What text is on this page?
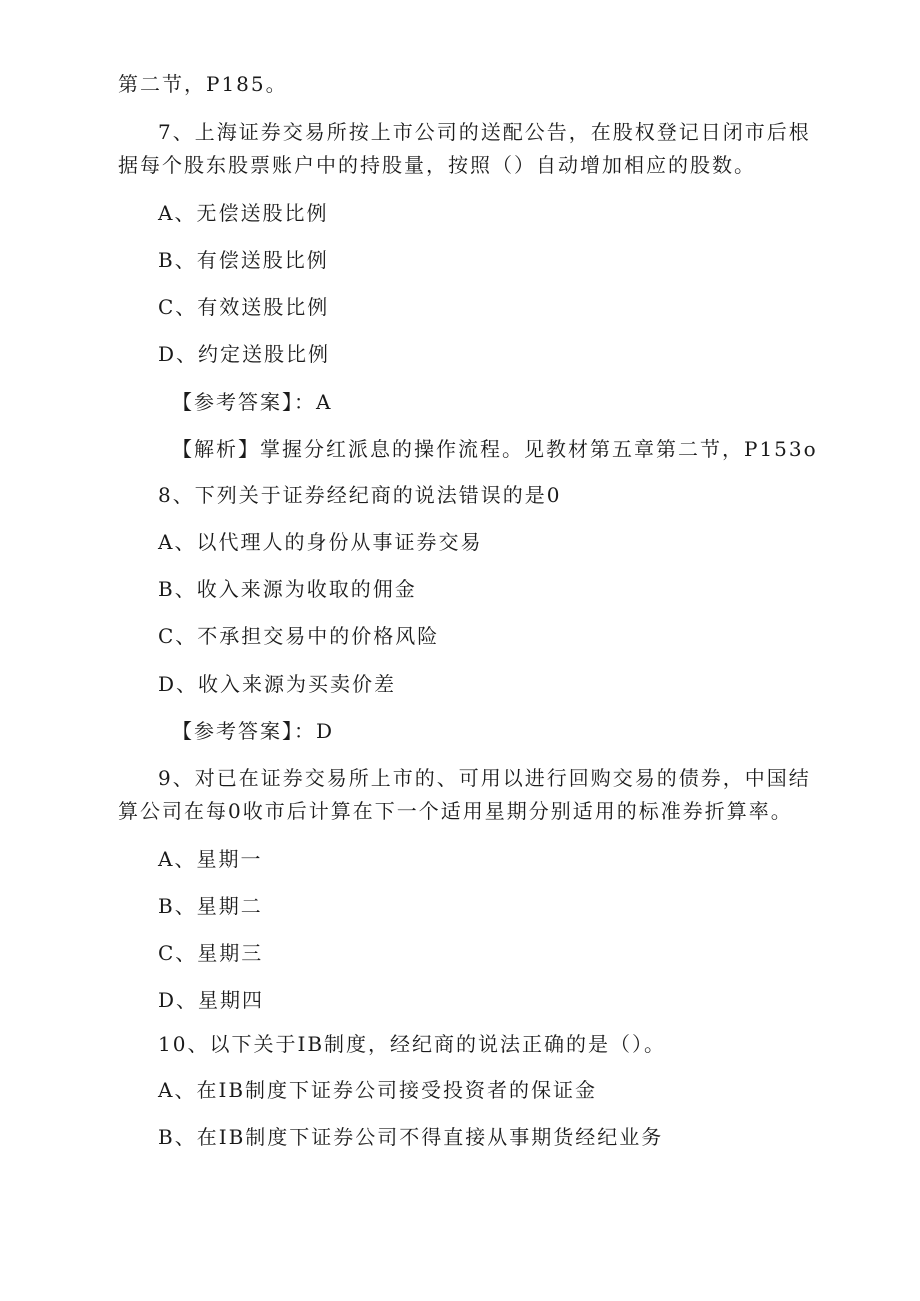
第二节，P185。
7、上海证券交易所按上市公司的送配公告，在股权登记日闭市后根
据每个股东股票账户中的持股量，按照（）自动增加相应的股数。
A、无偿送股比例
B、有偿送股比例
C、有效送股比例
D、约定送股比例
【参考答案】：A
【解析】掌握分红派息的操作流程。见教材第五章第二节，P153o
8、下列关于证券经纪商的说法错误的是0
A、以代理人的身份从事证券交易
B、收入来源为收取的佣金
C、不承担交易中的价格风险
D、收入来源为买卖价差
【参考答案】：D
9、对已在证券交易所上市的、可用以进行回购交易的债券，中国结
算公司在每0收市后计算在下一个适用星期分别适用的标准券折算率。
A、星期一
B、星期二
C、星期三
D、星期四
10、以下关于IB制度，经纪商的说法正确的是（）。
A、在IB制度下证券公司接受投资者的保证金
B、在IB制度下证券公司不得直接从事期货经纪业务
